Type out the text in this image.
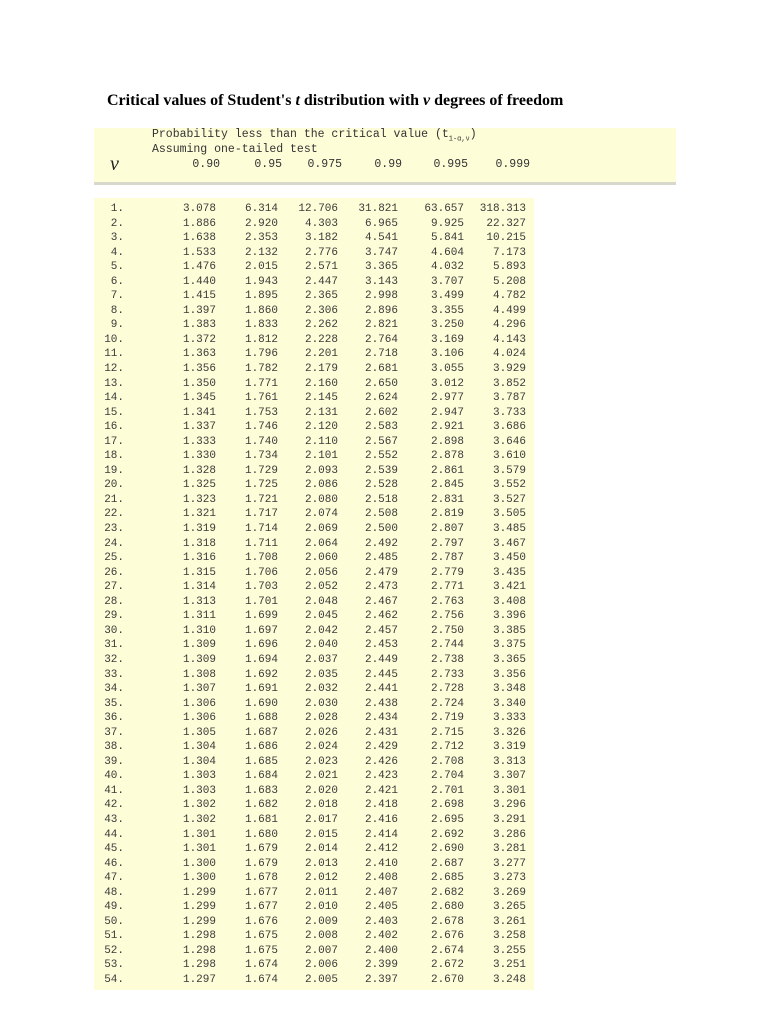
Critical values of Student's t distribution with v degrees of freedom
Probability less than the critical value $(t_{1-\alpha,\nu})$
Assuming one-tailed test
ν	0.90	0.95	0.975	0.99	0.995	0.999
1.	3.078	6.314	12.706	31.821	63.657	318.313
2.	1.886	2.920	4.303	6.965	9.925	22.327
3.	1.638	2.353	3.182	4.541	5.841	10.215
4.	1.533	2.132	2.776	3.747	4.604	7.173
5.	1.476	2.015	2.571	3.365	4.032	5.893
6.	1.440	1.943	2.447	3.143	3.707	5.208
7.	1.415	1.895	2.365	2.998	3.499	4.782
8.	1.397	1.860	2.306	2.896	3.355	4.499
9.	1.383	1.833	2.262	2.821	3.250	4.296
10.	1.372	1.812	2.228	2.764	3.169	4.143
11.	1.363	1.796	2.201	2.718	3.106	4.024
12.	1.356	1.782	2.179	2.681	3.055	3.929
13.	1.350	1.771	2.160	2.650	3.012	3.852
14.	1.345	1.761	2.145	2.624	2.977	3.787
15.	1.341	1.753	2.131	2.602	2.947	3.733
16.	1.337	1.746	2.120	2.583	2.921	3.686
17.	1.333	1.740	2.110	2.567	2.898	3.646
18.	1.330	1.734	2.101	2.552	2.878	3.610
19.	1.328	1.729	2.093	2.539	2.861	3.579
20.	1.325	1.725	2.086	2.528	2.845	3.552
21.	1.323	1.721	2.080	2.518	2.831	3.527
22.	1.321	1.717	2.074	2.508	2.819	3.505
23.	1.319	1.714	2.069	2.500	2.807	3.485
24.	1.318	1.711	2.064	2.492	2.797	3.467
25.	1.316	1.708	2.060	2.485	2.787	3.450
26.	1.315	1.706	2.056	2.479	2.779	3.435
27.	1.314	1.703	2.052	2.473	2.771	3.421
28.	1.313	1.701	2.048	2.467	2.763	3.408
29.	1.311	1.699	2.045	2.462	2.756	3.396
30.	1.310	1.697	2.042	2.457	2.750	3.385
31.	1.309	1.696	2.040	2.453	2.744	3.375
32.	1.309	1.694	2.037	2.449	2.738	3.365
33.	1.308	1.692	2.035	2.445	2.733	3.356
34.	1.307	1.691	2.032	2.441	2.728	3.348
35.	1.306	1.690	2.030	2.438	2.724	3.340
36.	1.306	1.688	2.028	2.434	2.719	3.333
37.	1.305	1.687	2.026	2.431	2.715	3.326
38.	1.304	1.686	2.024	2.429	2.712	3.319
39.	1.304	1.685	2.023	2.426	2.708	3.313
40.	1.303	1.684	2.021	2.423	2.704	3.307
41.	1.303	1.683	2.020	2.421	2.701	3.301
42.	1.302	1.682	2.018	2.418	2.698	3.296
43.	1.302	1.681	2.017	2.416	2.695	3.291
44.	1.301	1.680	2.015	2.414	2.692	3.286
45.	1.301	1.679	2.014	2.412	2.690	3.281
46.	1.300	1.679	2.013	2.410	2.687	3.277
47.	1.300	1.678	2.012	2.408	2.685	3.273
48.	1.299	1.677	2.011	2.407	2.682	3.269
49.	1.299	1.677	2.010	2.405	2.680	3.265
50.	1.299	1.676	2.009	2.403	2.678	3.261
51.	1.298	1.675	2.008	2.402	2.676	3.258
52.	1.298	1.675	2.007	2.400	2.674	3.255
53.	1.298	1.674	2.006	2.399	2.672	3.251
54.	1.297	1.674	2.005	2.397	2.670	3.248
